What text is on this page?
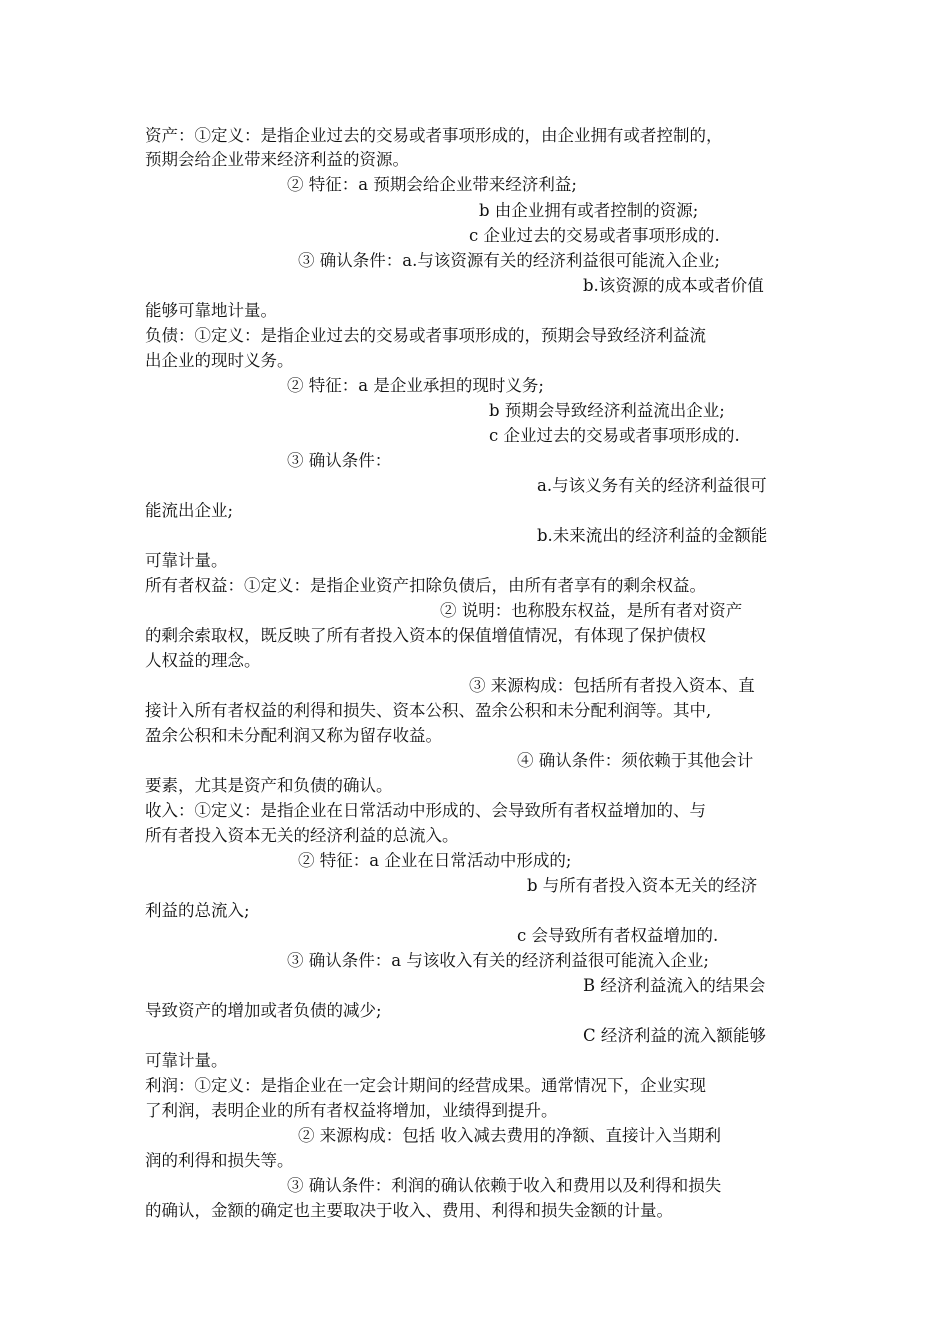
资产：①定义：是指企业过去的交易或者事项形成的，由企业拥有或者控制的，
预期会给企业带来经济利益的资源。
② 特征：a 预期会给企业带来经济利益;
b 由企业拥有或者控制的资源;
c 企业过去的交易或者事项形成的.
③ 确认条件：a.与该资源有关的经济利益很可能流入企业;
b.该资源的成本或者价值
能够可靠地计量。
负债：①定义：是指企业过去的交易或者事项形成的，预期会导致经济利益流
出企业的现时义务。
② 特征：a 是企业承担的现时义务;
b 预期会导致经济利益流出企业;
c 企业过去的交易或者事项形成的.
③ 确认条件：
a.与该义务有关的经济利益很可
能流出企业;
b.未来流出的经济利益的金额能
可靠计量。
所有者权益：①定义：是指企业资产扣除负债后，由所有者享有的剩余权益。
② 说明：也称股东权益，是所有者对资产
的剩余索取权，既反映了所有者投入资本的保值增值情况，有体现了保护债权
人权益的理念。
③ 来源构成：包括所有者投入资本、直
接计入所有者权益的利得和损失、资本公积、盈余公积和未分配利润等。其中,
盈余公积和未分配利润又称为留存收益。
④ 确认条件：须依赖于其他会计
要素，尤其是资产和负债的确认。
收入：①定义：是指企业在日常活动中形成的、会导致所有者权益增加的、与
所有者投入资本无关的经济利益的总流入。
② 特征：a 企业在日常活动中形成的;
b 与所有者投入资本无关的经济
利益的总流入;
c 会导致所有者权益增加的.
③ 确认条件：a 与该收入有关的经济利益很可能流入企业;
B 经济利益流入的结果会
导致资产的增加或者负债的减少;
C 经济利益的流入额能够
可靠计量。
利润：①定义：是指企业在一定会计期间的经营成果。通常情况下，企业实现
了利润，表明企业的所有者权益将增加，业绩得到提升。
② 来源构成：包括 收入减去费用的净额、直接计入当期利
润的利得和损失等。
③ 确认条件：利润的确认依赖于收入和费用以及利得和损失
的确认，金额的确定也主要取决于收入、费用、利得和损失金额的计量。
